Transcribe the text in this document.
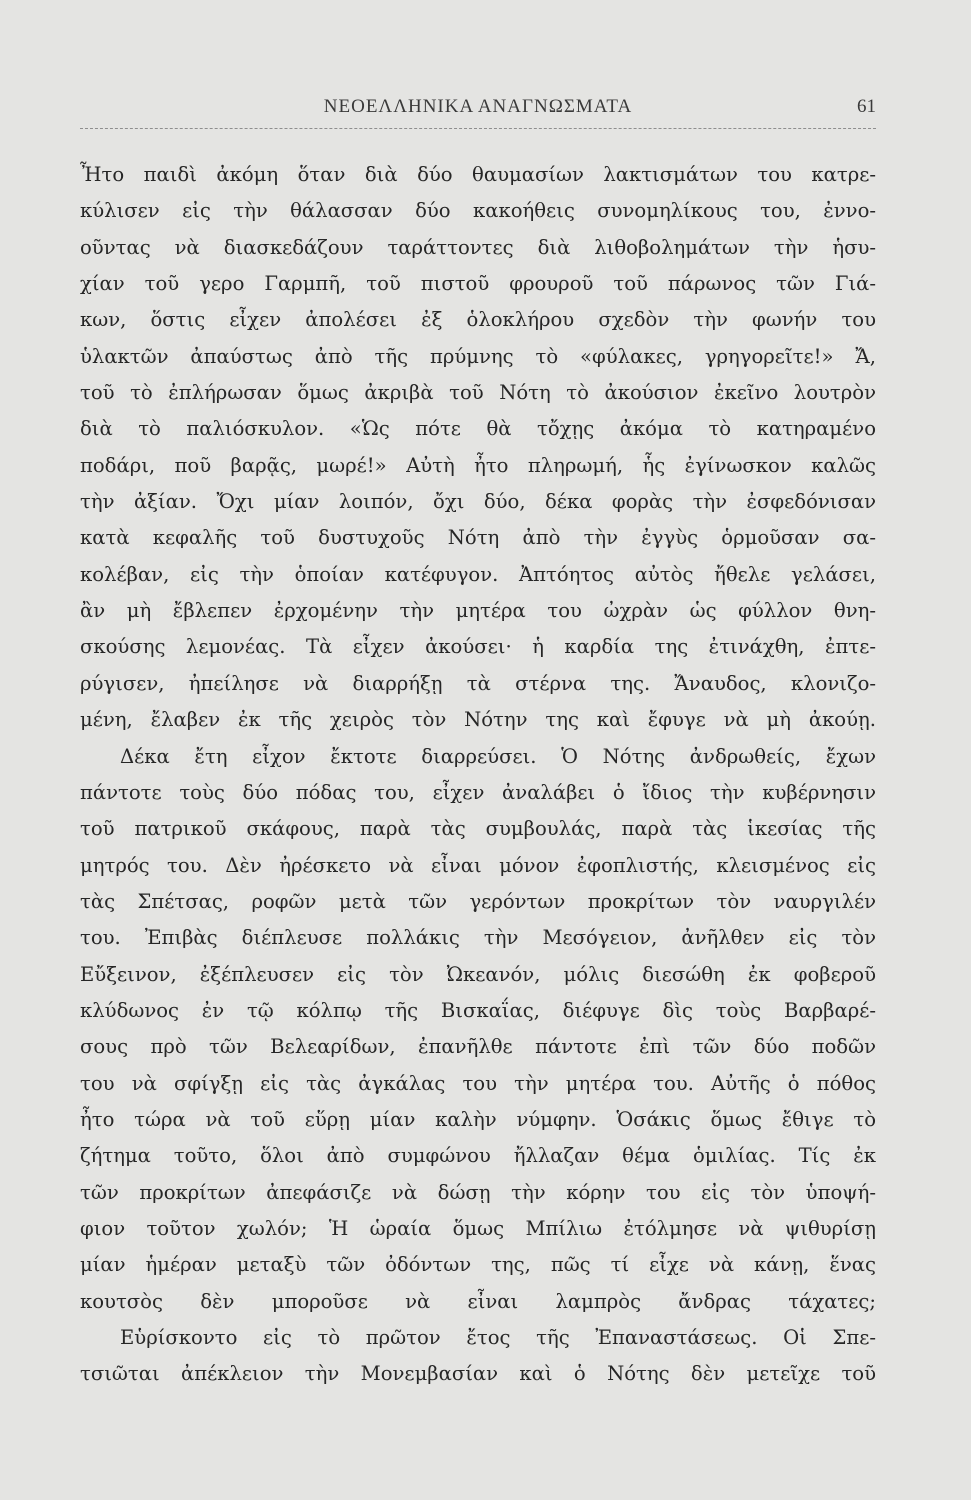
ΝΕΟΕΛΛΗΝΙΚΑ ΑΝΑΓΝΩΣΜΑΤΑ	61
Ἦτο παιδὶ ἀκόμη ὅταν διὰ δύο θαυμασίων λακτισμάτων του κατρε-
κύλισεν εἰς τὴν θάλασσαν δύο κακοήθεις συνομηλίκους του, ἐννο-
οῦντας νὰ διασκεδάζουν ταράττοντες διὰ λιθοβολημάτων τὴν ἡσυ-
χίαν τοῦ γερο Γαρμπῆ, τοῦ πιστοῦ φρουροῦ τοῦ πάρωνος τῶν Γιά-
κων, ὅστις εἶχεν ἀπολέσει ἐξ ὁλοκλήρου σχεδὸν τὴν φωνήν του
ὑλακτῶν ἀπαύστως ἀπὸ τῆς πρύμνης τὸ «φύλακες, γρηγορεῖτε!» Ἄ,
τοῦ τὸ ἐπλήρωσαν ὅμως ἀκριβὰ τοῦ Νότη τὸ ἀκούσιον ἐκεῖνο λουτρὸν
διὰ τὸ παλιόσκυλον. «Ὡς πότε θὰ τὄχῃς ἀκόμα τὸ κατηραμένο
ποδάρι, ποῦ βαρᾷς, μωρέ!» Αὐτὴ ἦτο πληρωμή, ἧς ἐγίνωσκον καλῶς
τὴν ἀξίαν. Ὄχι μίαν λοιπόν, ὄχι δύο, δέκα φορὰς τὴν ἐσφεδόνισαν
κατὰ κεφαλῆς τοῦ δυστυχοῦς Νότη ἀπὸ τὴν ἐγγὺς ὁρμοῦσαν σα-
κολέβαν, εἰς τὴν ὁποίαν κατέφυγον. Ἀπτόητος αὐτὸς ἤθελε γελάσει,
ἂν μὴ ἔβλεπεν ἐρχομένην τὴν μητέρα του ὠχρὰν ὡς φύλλον θνη-
σκούσης λεμονέας. Τὰ εἶχεν ἀκούσει· ἡ καρδία της ἐτινάχθη, ἐπτε-
ρύγισεν, ἠπείλησε νὰ διαρρήξῃ τὰ στέρνα της. Ἄναυδος, κλονιζο-
μένη, ἔλαβεν ἐκ τῆς χειρὸς τὸν Νότην της καὶ ἔφυγε νὰ μὴ ἀκούῃ.
Δέκα ἔτη εἶχον ἔκτοτε διαρρεύσει. Ὁ Νότης ἀνδρωθείς, ἔχων
πάντοτε τοὺς δύο πόδας του, εἶχεν ἀναλάβει ὁ ἴδιος τὴν κυβέρνησιν
τοῦ πατρικοῦ σκάφους, παρὰ τὰς συμβουλάς, παρὰ τὰς ἱκεσίας τῆς
μητρός του. Δὲν ἠρέσκετο νὰ εἶναι μόνον ἐφοπλιστής, κλεισμένος εἰς
τὰς Σπέτσας, ροφῶν μετὰ τῶν γερόντων προκρίτων τὸν ναυργιλέν
του. Ἐπιβὰς διέπλευσε πολλάκις τὴν Μεσόγειον, ἀνῆλθεν εἰς τὸν
Εὔξεινον, ἐξέπλευσεν εἰς τὸν Ὠκεανόν, μόλις διεσώθη ἐκ φοβεροῦ
κλύδωνος ἐν τῷ κόλπῳ τῆς Βισκαΐας, διέφυγε δὶς τοὺς Βαρβαρέ-
σους πρὸ τῶν Βελεαρίδων, ἐπανῆλθε πάντοτε ἐπὶ τῶν δύο ποδῶν
του νὰ σφίγξῃ εἰς τὰς ἀγκάλας του τὴν μητέρα του. Αὐτῆς ὁ πόθος
ἦτο τώρα νὰ τοῦ εὕρῃ μίαν καλὴν νύμφην. Ὁσάκις ὅμως ἔθιγε τὸ
ζήτημα τοῦτο, ὅλοι ἀπὸ συμφώνου ἤλλαζαν θέμα ὁμιλίας. Τίς ἐκ
τῶν προκρίτων ἀπεφάσιζε νὰ δώσῃ τὴν κόρην του εἰς τὸν ὑποψή-
φιον τοῦτον χωλόν; Ἡ ὡραία ὅμως Μπίλιω ἐτόλμησε νὰ ψιθυρίσῃ
μίαν ἡμέραν μεταξὺ τῶν ὀδόντων της, πῶς τί εἶχε νὰ κάνῃ, ἕνας
κουτσὸς δὲν μποροῦσε νὰ εἶναι λαμπρὸς ἄνδρας τάχατες;
Εὑρίσκοντο εἰς τὸ πρῶτον ἔτος τῆς Ἐπαναστάσεως. Οἱ Σπε-
τσιῶται ἀπέκλειον τὴν Μονεμβασίαν καὶ ὁ Νότης δὲν μετεῖχε τοῦ
